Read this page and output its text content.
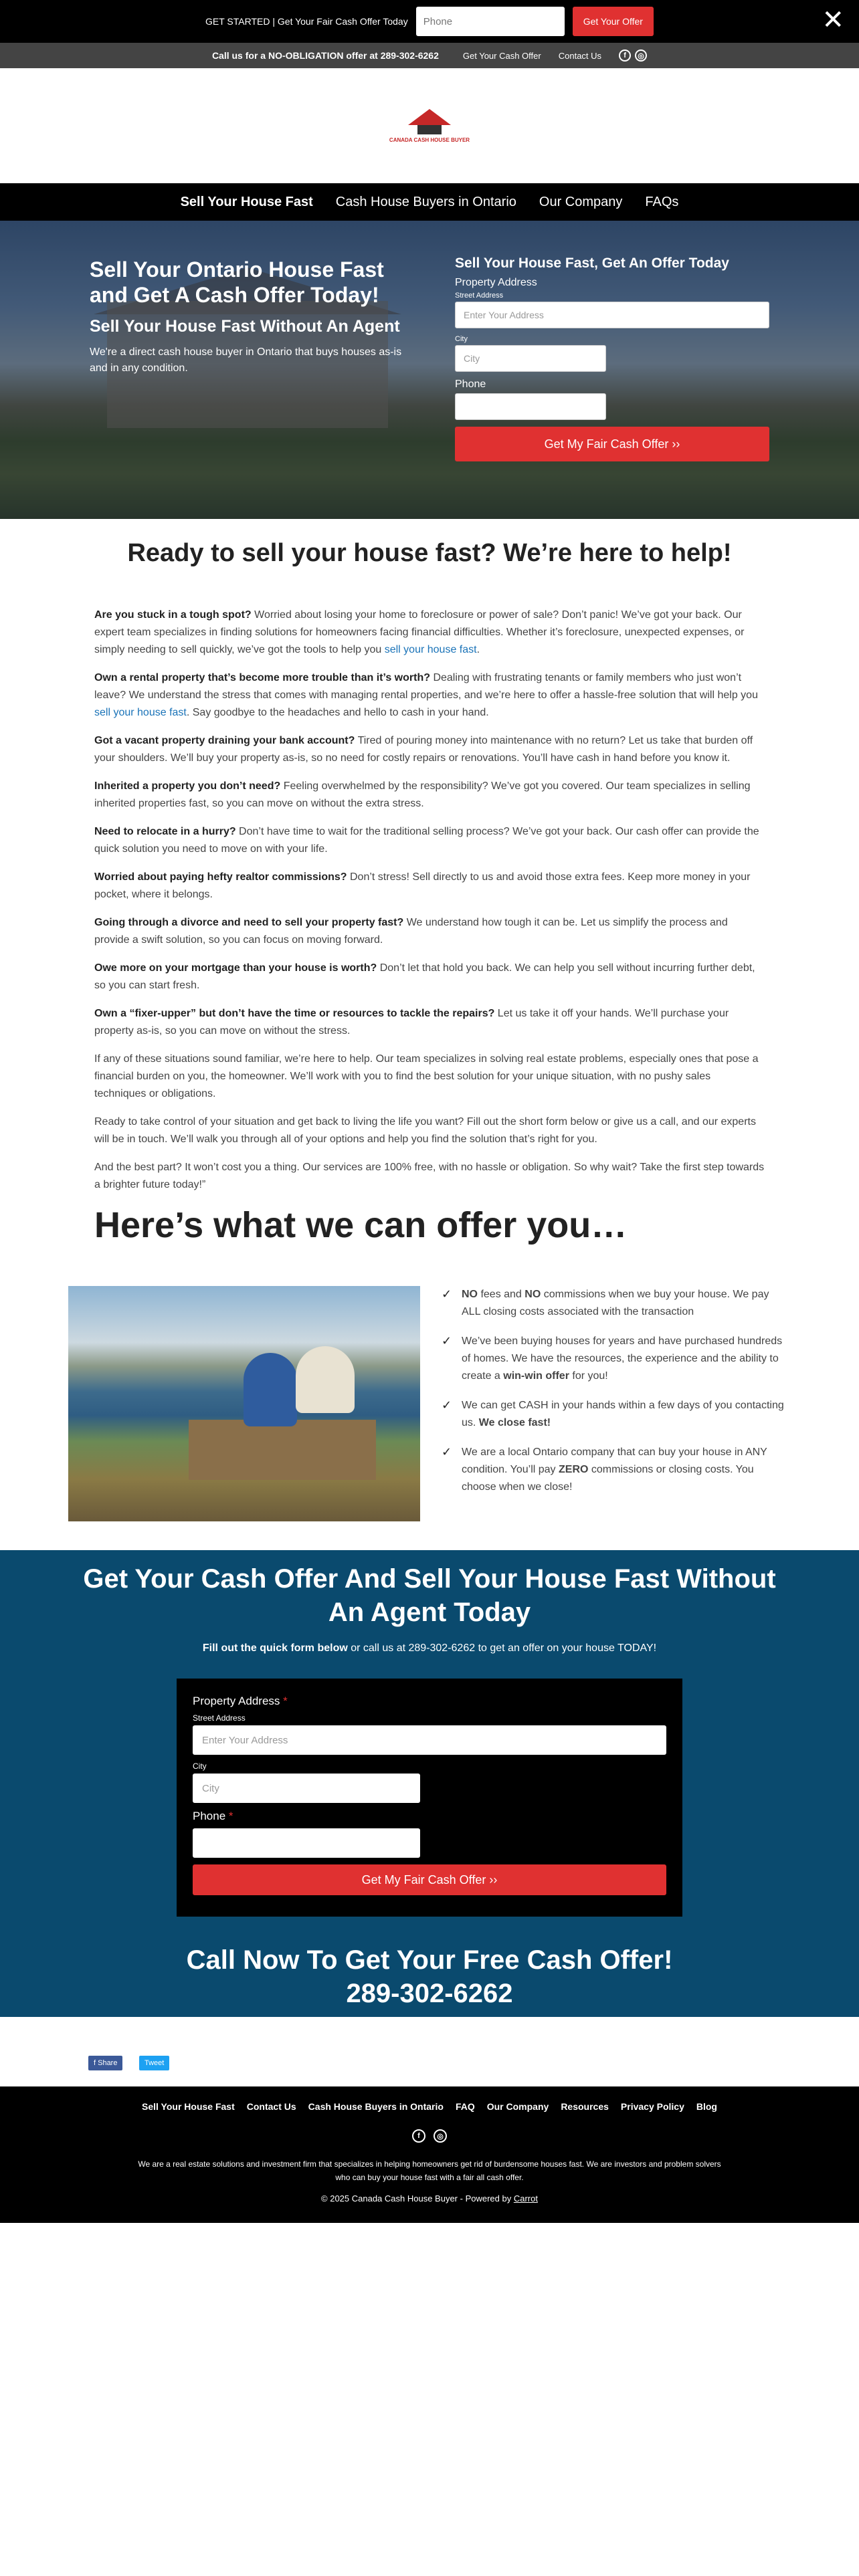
GET STARTED | Get Your Fair Cash Offer Today	Phone	Get Your Offer	✕
Call us for a NO-OBLIGATION offer at 289-302-6262	Get Your Cash Offer Contact Us	f	◎
CANADA CASH HOUSE BUYER
Sell Your House Fast Cash House Buyers in Ontario Our Company FAQs
Sell Your Ontario House Fast and Get A Cash Offer Today!
Sell Your House Fast Without An Agent

We're a direct cash house buyer in Ontario that buys houses as-is and in any condition.

Sell Your House Fast, Get An Offer Today
Property Address
Street Address
Enter Your Address
City
City
Phone
Get My Fair Cash Offer ››
Ready to sell your house fast? We’re here to help!

Are you stuck in a tough spot? Worried about losing your home to foreclosure or power of sale? Don’t panic! We’ve got your back. Our expert team specializes in finding solutions for homeowners facing financial difficulties. Whether it’s foreclosure, unexpected expenses, or simply needing to sell quickly, we’ve got the tools to help you sell your house fast.

Own a rental property that’s become more trouble than it’s worth? Dealing with frustrating tenants or family members who just won’t leave? We understand the stress that comes with managing rental properties, and we’re here to offer a hassle-free solution that will help you sell your house fast. Say goodbye to the headaches and hello to cash in your hand.

Got a vacant property draining your bank account? Tired of pouring money into maintenance with no return? Let us take that burden off your shoulders. We’ll buy your property as-is, so no need for costly repairs or renovations. You’ll have cash in hand before you know it.

Inherited a property you don’t need? Feeling overwhelmed by the responsibility? We’ve got you covered. Our team specializes in selling inherited properties fast, so you can move on without the extra stress.

Need to relocate in a hurry? Don’t have time to wait for the traditional selling process? We’ve got your back. Our cash offer can provide the quick solution you need to move on with your life.

Worried about paying hefty realtor commissions? Don’t stress! Sell directly to us and avoid those extra fees. Keep more money in your pocket, where it belongs.

Going through a divorce and need to sell your property fast? We understand how tough it can be. Let us simplify the process and provide a swift solution, so you can focus on moving forward.

Owe more on your mortgage than your house is worth? Don’t let that hold you back. We can help you sell without incurring further debt, so you can start fresh.

Own a “fixer-upper” but don’t have the time or resources to tackle the repairs? Let us take it off your hands. We’ll purchase your property as-is, so you can move on without the stress.

If any of these situations sound familiar, we’re here to help. Our team specializes in solving real estate problems, especially ones that pose a financial burden on you, the homeowner. We’ll work with you to find the best solution for your unique situation, with no pushy sales techniques or obligations.

Ready to take control of your situation and get back to living the life you want? Fill out the short form below or give us a call, and our experts will be in touch. We’ll walk you through all of your options and help you find the solution that’s right for you.

And the best part? It won’t cost you a thing. Our services are 100% free, with no hassle or obligation. So why wait? Take the first step towards a brighter future today!”

Here’s what we can offer you…
✓ NO fees and NO commissions when we buy your house. We pay ALL closing costs associated with the transaction
✓ We’ve been buying houses for years and have purchased hundreds of homes. We have the resources, the experience and the ability to create a win-win offer for you!
✓ We can get CASH in your hands within a few days of you contacting us. We close fast!
✓ We are a local Ontario company that can buy your house in ANY condition. You’ll pay ZERO commissions or closing costs. You choose when we close!
Get Your Cash Offer And Sell Your House Fast Without An Agent Today
Fill out the quick form below or call us at 289-302-6262 to get an offer on your house TODAY!
Property Address *
Street Address
Enter Your Address
City
City
Phone *
Get My Fair Cash Offer ››
Call Now To Get Your Free Cash Offer!
289-302-6262
f Share	Tweet
Sell Your House Fast Contact Us Cash House Buyers in Ontario FAQ Our Company Resources Privacy Policy Blog
f	◎
We are a real estate solutions and investment firm that specializes in helping homeowners get rid of burdensome houses fast. We are investors and problem solvers who can buy your house fast with a fair all cash offer.
© 2025 Canada Cash House Buyer - Powered by Carrot
